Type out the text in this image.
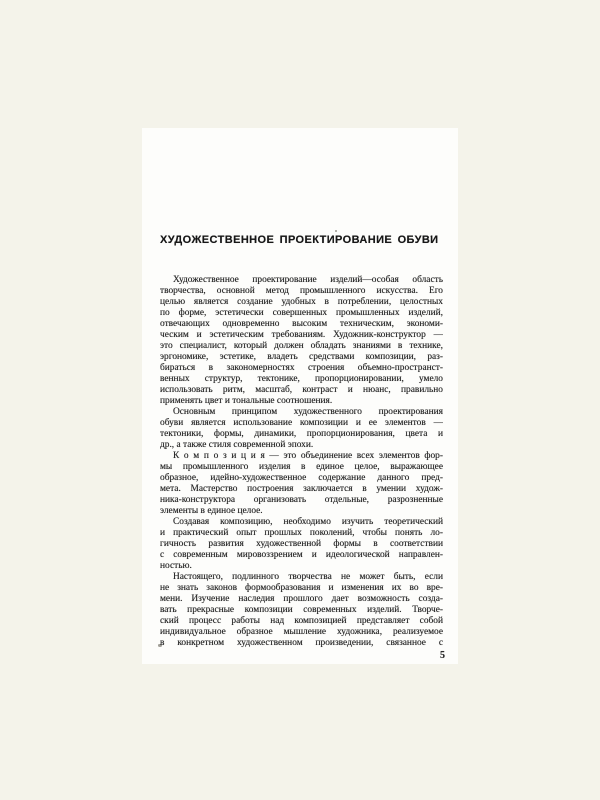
ХУДОЖЕСТВЕННОЕ ПРОЕКТИРОВАНИЕ ОБУВИ
Художественное проектирование изделий—особая область
творчества, основной метод промышленного искусства. Его
целью является создание удобных в потреблении, целостных
по форме, эстетически совершенных промышленных изделий,
отвечающих одновременно высоким техническим, экономи-
ческим и эстетическим требованиям. Художник-конструктор —
это специалист, который должен обладать знаниями в технике,
эргономике, эстетике, владеть средствами композиции, раз-
бираться в закономерностях строения объемно-пространст-
венных структур, тектонике, пропорционировании, умело
использовать ритм, масштаб, контраст и нюанс, правильно
применять цвет и тональные соотношения.
Основным принципом художественного проектирования
обуви является использование композиции и ее элементов —
тектоники, формы, динамики, пропорционирования, цвета и
др., а также стиля современной эпохи.
К о м п о з и ц и я — это объединение всех элементов фор-
мы промышленного изделия в единое целое, выражающее
образное, идейно-художественное содержание данного пред-
мета. Мастерство построения заключается в умении худож-
ника-конструктора организовать отдельные, разрозненные
элементы в единое целое.
Создавая композицию, необходимо изучить теоретический
и практический опыт прошлых поколений, чтобы понять ло-
гичность развития художественной формы в соответствии
с современным мировоззрением и идеологической направлен-
ностью.
Настоящего, подлинного творчества не может быть, если
не знать законов формообразования и изменения их во вре-
мени. Изучение наследия прошлого дает возможность созда-
вать прекрасные композиции современных изделий. Творче-
ский процесс работы над композицией представляет собой
индивидуальное образное мышление художника, реализуемое
в конкретном художественном произведении, связанное с
5
